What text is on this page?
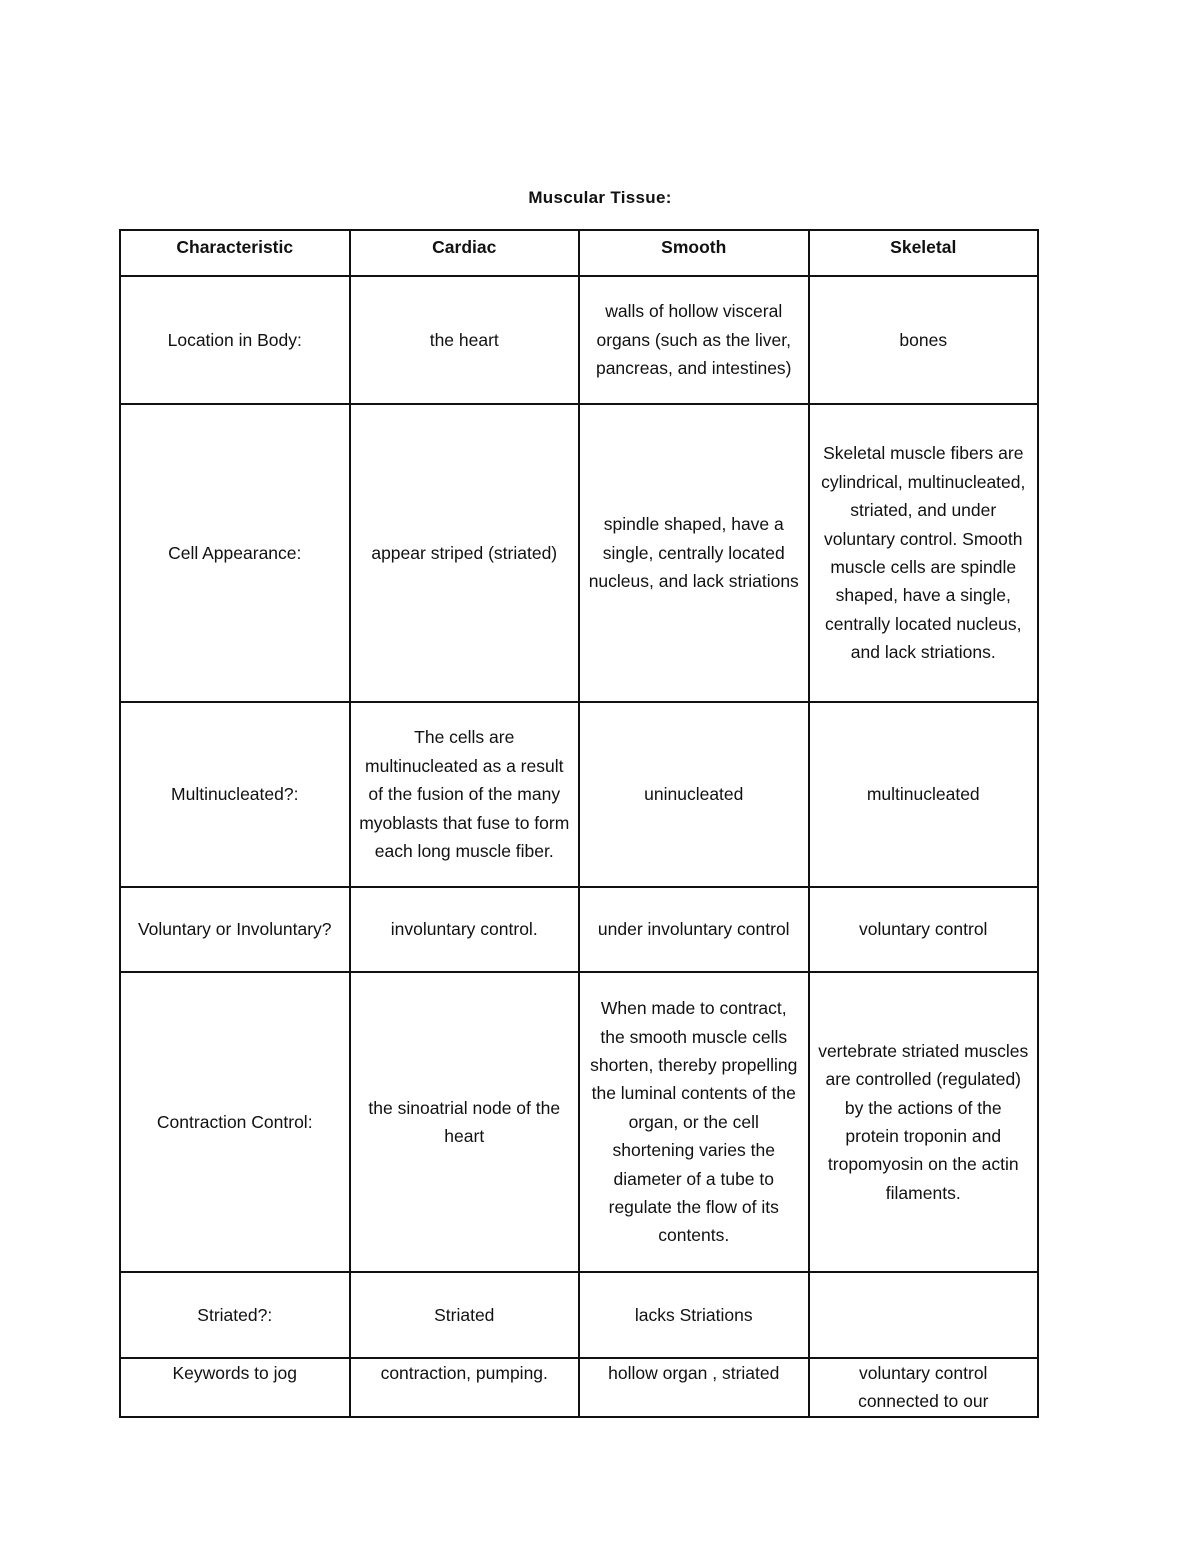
Muscular Tissue:
Characteristic	Cardiac	Smooth	Skeletal
Location in Body:	the heart	walls of hollow visceral organs (such as the liver, pancreas, and intestines)	bones
Cell Appearance:	appear striped (striated)	spindle shaped, have a single, centrally located nucleus, and lack striations	Skeletal muscle fibers are cylindrical, multinucleated, striated, and under voluntary control. Smooth muscle cells are spindle shaped, have a single, centrally located nucleus, and lack striations.
Multinucleated?:	The cells are multinucleated as a result of the fusion of the many myoblasts that fuse to form each long muscle fiber.	uninucleated	multinucleated
Voluntary or Involuntary?	involuntary control.	under involuntary control	voluntary control
Contraction Control:	the sinoatrial node of the heart	When made to contract, the smooth muscle cells shorten, thereby propelling the luminal contents of the organ, or the cell shortening varies the diameter of a tube to regulate the flow of its contents.	vertebrate striated muscles are controlled (regulated) by the actions of the protein troponin and tropomyosin on the actin filaments.
Striated?:	Striated	lacks Striations	
Keywords to jog	contraction, pumping.	hollow organ , striated	voluntary control connected to our
